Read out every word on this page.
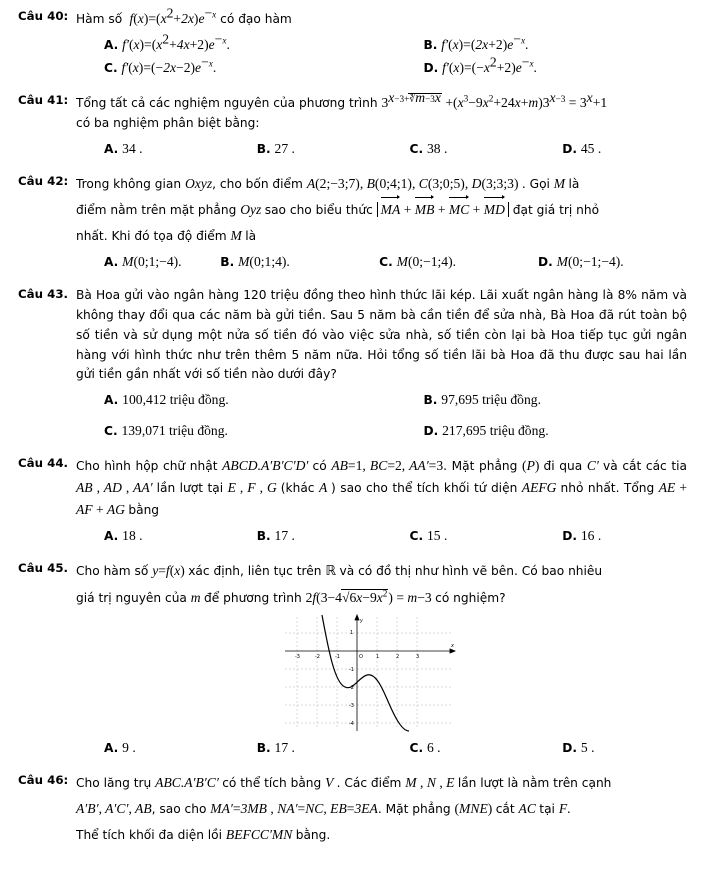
Câu 40: Hàm số  $f(x)=(x^2+2x)e^{-x}$ có đạo hàm
A. $f'(x)=(x^2+4x+2)e^{-x}$.	B. $f'(x)=(2x+2)e^{-x}$.
C. $f'(x)=(-2x-2)e^{-x}$.	D. $f'(x)=(-x^2+2)e^{-x}$.
Câu 41: Tổng tất cả các nghiệm nguyên của phương trình $3^{x-3+∛m-3x} +(x^3-9x^2+24x+m)3^{x-3} = 3^x+1$
có ba nghiệm phân biệt bằng:
A. 34 .	B. 27 .	C. 38 .	D. 45 .
Câu 42: Trong không gian Oxyz, cho bốn điểm A(2;−3;7), B(0;4;1), C(3;0;5), D(3;3;3) . Gọi M là
điểm nằm trên mặt phẳng Oyz sao cho biểu thức MA + MB + MC + MD đạt giá trị nhỏ
nhất. Khi đó tọa độ điểm M là
A. M(0;1;−4).	B. M(0;1;4).	C. M(0;−1;4).	D. M(0;−1;−4).
Câu 43. Bà Hoa gửi vào ngân hàng 120 triệu đồng theo hình thức lãi kép. Lãi xuất ngân hàng là 8% năm và không thay đổi qua các năm bà gửi tiền. Sau 5 năm bà cần tiền để sửa nhà, Bà Hoa đã rút toàn bộ số tiền và sử dụng một nửa số tiền đó vào việc sửa nhà, số tiền còn lại bà Hoa tiếp tục gửi ngân hàng với hình thức như trên thêm 5 năm nữa. Hỏi tổng số tiền lãi bà Hoa đã thu được sau hai lần gửi tiền gần nhất với số tiền nào dưới đây?
A. 100,412 triệu đồng.	B. 97,695 triệu đồng.
C. 139,071 triệu đồng.	D. 217,695 triệu đồng.
Câu 44. Cho hình hộp chữ nhật ABCD.A′B′C′D′ có AB=1, BC=2, AA′=3. Mặt phẳng (P) đi qua C′ và cắt các tia AB , AD , AA′ lần lượt tại E , F , G (khác A ) sao cho thể tích khối tứ diện AEFG nhỏ nhất. Tổng AE + AF + AG bằng
A. 18 .	B. 17 .	C. 15 .	D. 16 .
Câu 45. Cho hàm số y=f(x) xác định, liên tục trên ℝ và có đồ thị như hình vẽ bên. Có bao nhiêu
giá trị nguyên của m để phương trình $2f(3-4√6x-9x^2) = m-3$ có nghiệm?
-3	-2	-1	1	2	3
O
1
-1
-2
-3
-4
x
y
A. 9 .	B. 17 .	C. 6 .	D. 5 .
Câu 46: Cho lăng trụ ABC.A′B′C′ có thể tích bằng V . Các điểm M , N , E lần lượt là nằm trên cạnh
A′B′, A′C′, AB, sao cho MA′=3MB , NA′=NC, EB=3EA. Mặt phẳng (MNE) cắt AC tại F.
Thể tích khối đa diện lồi BEFCC′MN bằng.
